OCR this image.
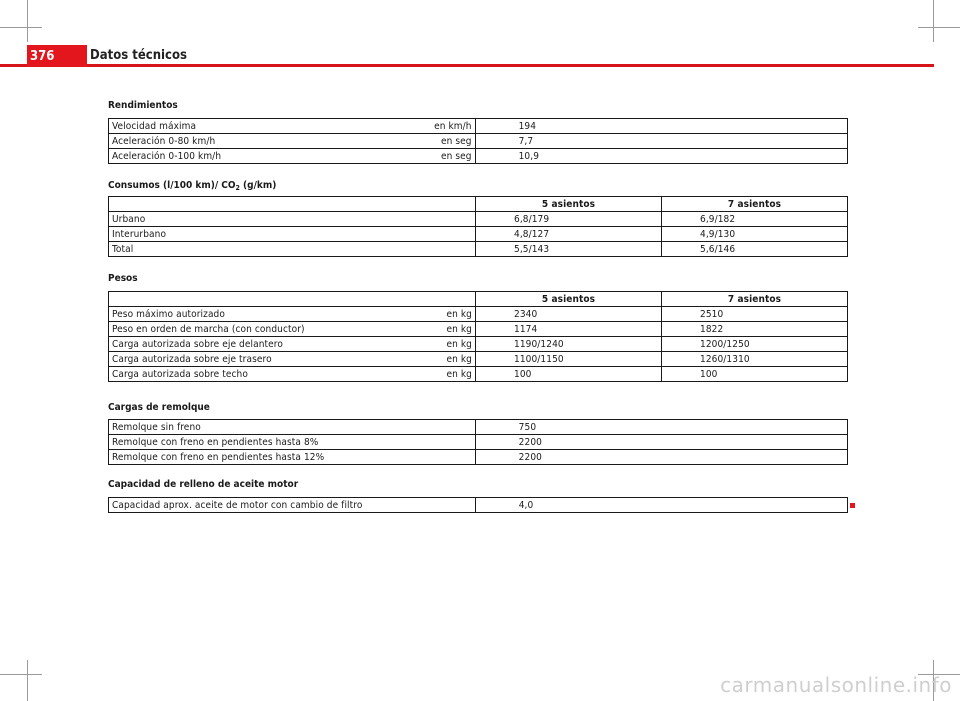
376	Datos técnicos
Rendimientos
Velocidad máxima	en km/h	194
Aceleración 0-80 km/h	en seg	7,7
Aceleración 0-100 km/h	en seg	10,9
Consumos (l/100 km)/ $CO_2$ (g/km)
	5 asientos	7 asientos
Urbano	6,8/179	6,9/182
Interurbano	4,8/127	4,9/130
Total	5,5/143	5,6/146
Pesos
		5 asientos	7 asientos
Peso máximo autorizado	en kg	2340	2510
Peso en orden de marcha (con conductor)	en kg	1174	1822
Carga autorizada sobre eje delantero	en kg	1190/1240	1200/1250
Carga autorizada sobre eje trasero	en kg	1100/1150	1260/1310
Carga autorizada sobre techo	en kg	100	100
Cargas de remolque
Remolque sin freno	750
Remolque con freno en pendientes hasta 8%	2200
Remolque con freno en pendientes hasta 12%	2200
Capacidad de relleno de aceite motor
Capacidad aprox. aceite de motor con cambio de filtro	4,0
carmanualsonline.info
